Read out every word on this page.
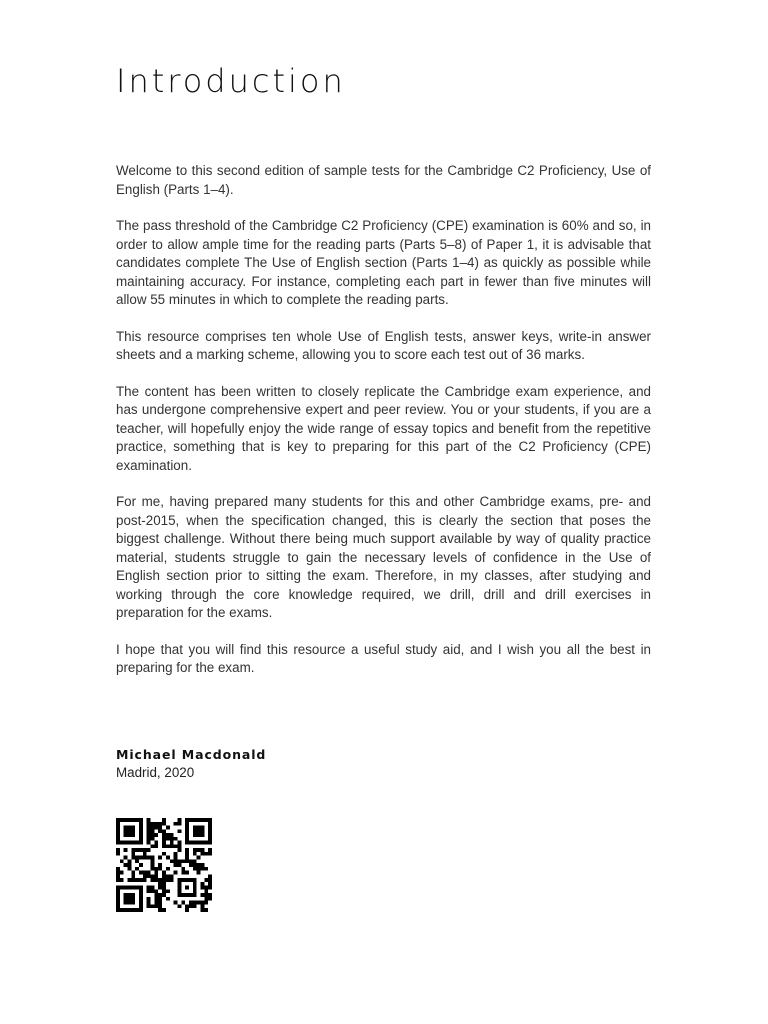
Introduction

Welcome to this second edition of sample tests for the Cambridge C2 Proficiency, Use of English (Parts 1–4).

The pass threshold of the Cambridge C2 Proficiency (CPE) examination is 60% and so, in order to allow ample time for the reading parts (Parts 5–8) of Paper 1, it is advisable that candidates complete The Use of English section (Parts 1–4) as quickly as possible while maintaining accuracy. For instance, completing each part in fewer than five minutes will allow 55 minutes in which to complete the reading parts.

This resource comprises ten whole Use of English tests, answer keys, write-in answer sheets and a marking scheme, allowing you to score each test out of 36 marks.

The content has been written to closely replicate the Cambridge exam experience, and has undergone comprehensive expert and peer review. You or your students, if you are a teacher, will hopefully enjoy the wide range of essay topics and benefit from the repetitive practice, something that is key to preparing for this part of the C2 Proficiency (CPE) examination.

For me, having prepared many students for this and other Cambridge exams, pre- and post-2015, when the specification changed, this is clearly the section that poses the biggest challenge. Without there being much support available by way of quality practice material, students struggle to gain the necessary levels of confidence in the Use of English section prior to sitting the exam. Therefore, in my classes, after studying and working through the core knowledge required, we drill, drill and drill exercises in preparation for the exams.

I hope that you will find this resource a useful study aid, and I wish you all the best in preparing for the exam.

Michael Macdonald
Madrid, 2020
